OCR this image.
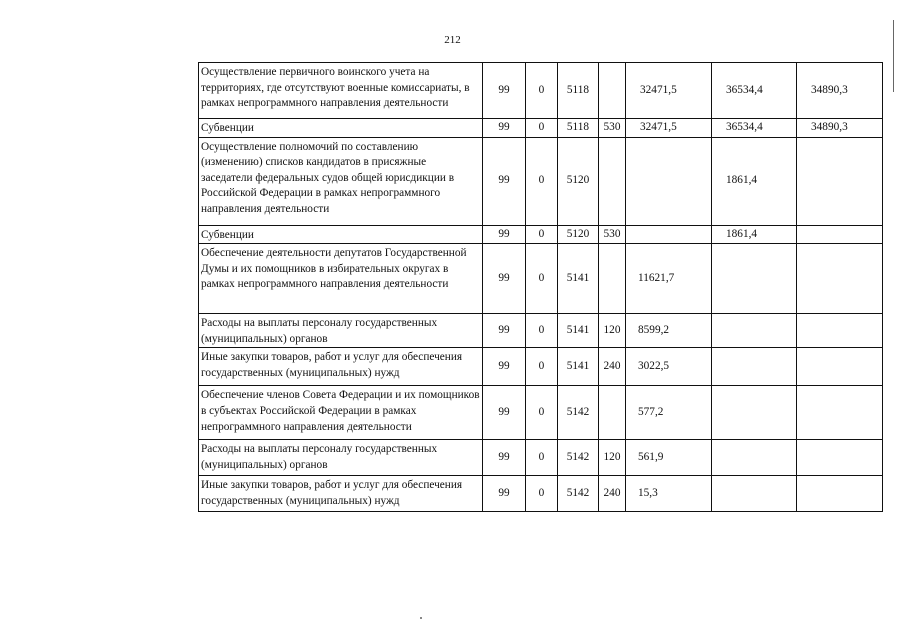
212
Осуществление первичного воинского учета на территориях, где отсутствуют военные комиссариаты, в рамках непрограммного направления деятельности	99	0	5118		32471,5	36534,4	34890,3
Субвенции	99	0	5118	530	32471,5	36534,4	34890,3
Осуществление полномочий по составлению (изменению) списков кандидатов в присяжные заседатели федеральных судов общей юрисдикции в Российской Федерации в рамках непрограммного направления деятельности	99	0	5120			1861,4	
Субвенции	99	0	5120	530		1861,4	
Обеспечение деятельности депутатов Государственной Думы и их помощников в избирательных округах в рамках непрограммного направления деятельности	99	0	5141		11621,7		
Расходы на выплаты персоналу государственных (муниципальных) органов	99	0	5141	120	8599,2		
Иные закупки товаров, работ и услуг для обеспечения государственных (муниципальных) нужд	99	0	5141	240	3022,5		
Обеспечение членов Совета Федерации и их помощников в субъектах Российской Федерации в рамках непрограммного направления деятельности	99	0	5142		577,2		
Расходы на выплаты персоналу государственных (муниципальных) органов	99	0	5142	120	561,9		
Иные закупки товаров, работ и услуг для обеспечения государственных (муниципальных) нужд	99	0	5142	240	15,3		
